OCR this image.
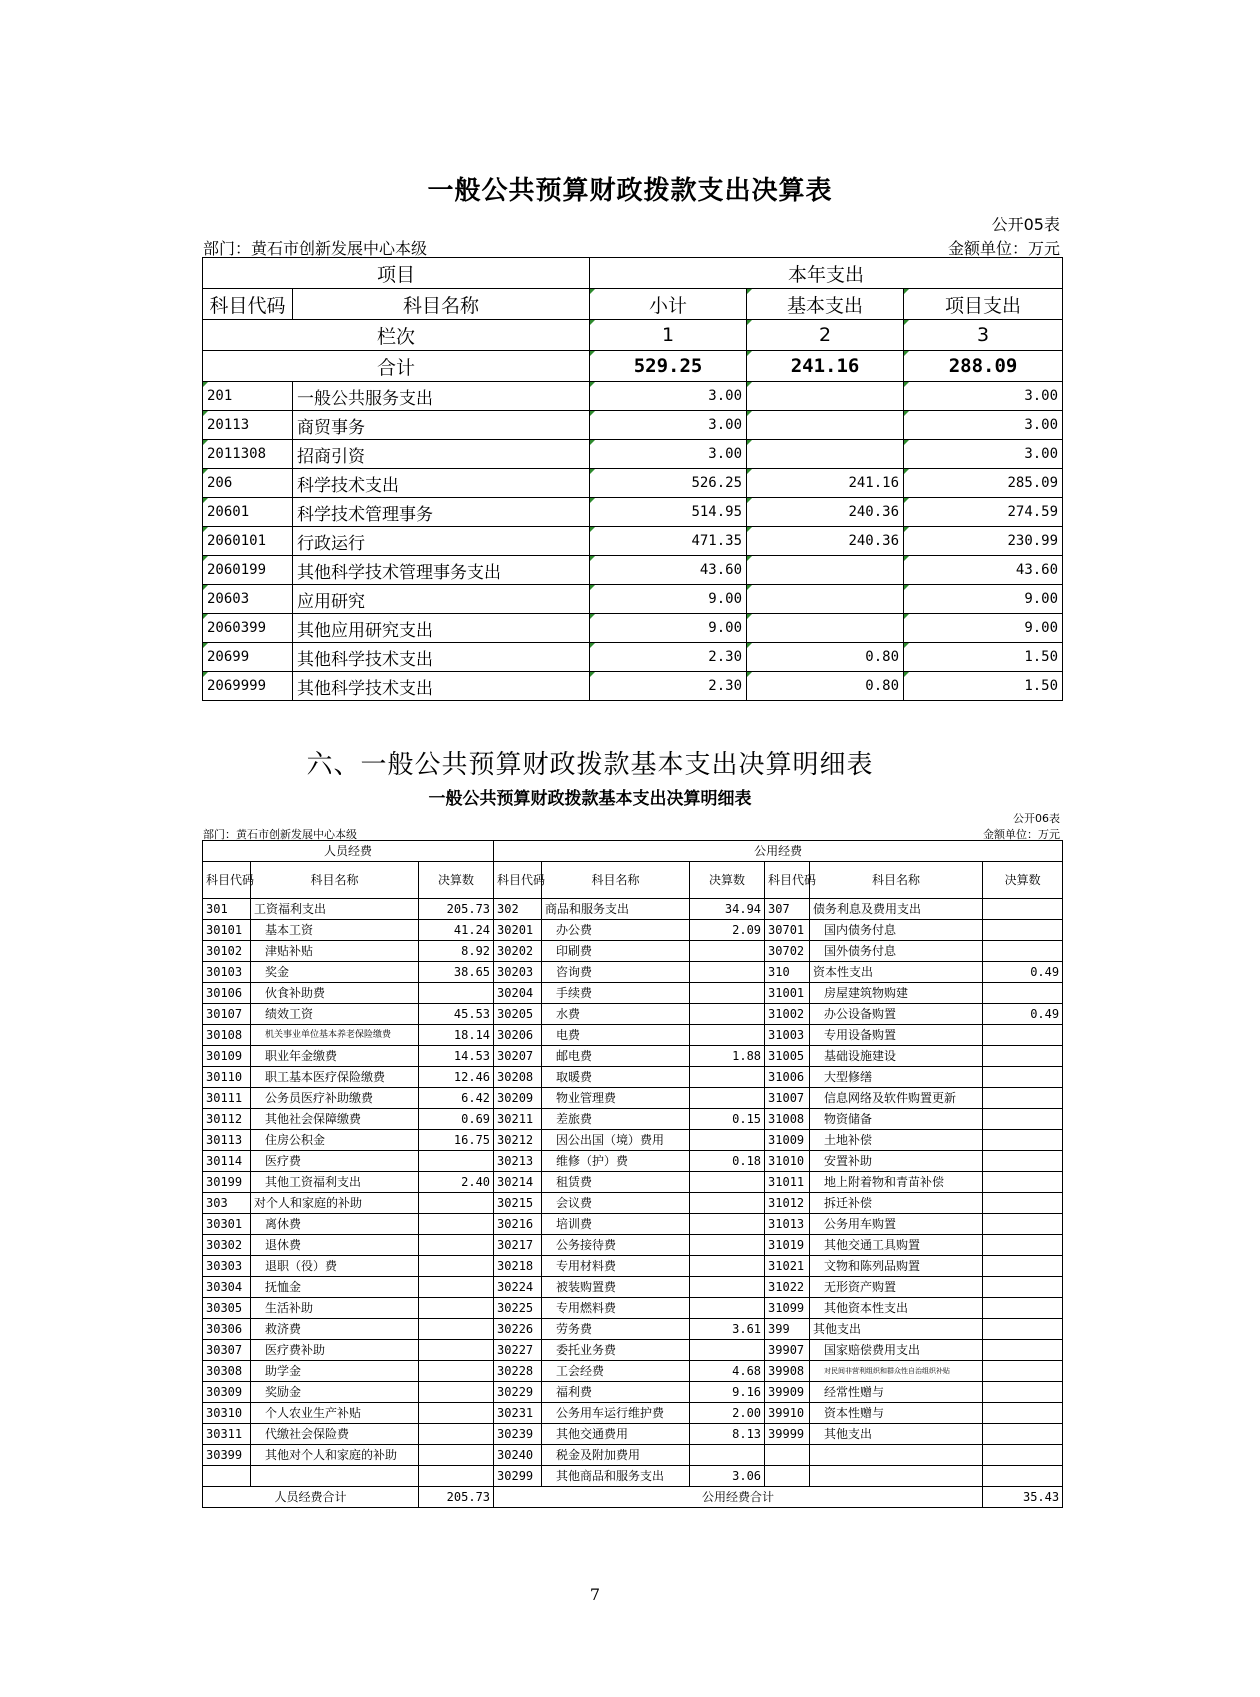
一般公共预算财政拨款支出决算表
公开05表
部门：黄石市创新发展中心本级	金额单位：万元
项目		本年支出		
科目代码	科目名称	小计	基本支出	项目支出
栏次		1	2	3
合计		529.25	241.16	288.09
201	一般公共服务支出	3.00		3.00
20113	商贸事务	3.00		3.00
2011308	招商引资	3.00		3.00
206	科学技术支出	526.25	241.16	285.09
20601	科学技术管理事务	514.95	240.36	274.59
2060101	行政运行	471.35	240.36	230.99
2060199	其他科学技术管理事务支出	43.60		43.60
20603	应用研究	9.00		9.00
2060399	其他应用研究支出	9.00		9.00
20699	其他科学技术支出	2.30	0.80	1.50
2069999	其他科学技术支出	2.30	0.80	1.50
六、一般公共预算财政拨款基本支出决算明细表
一般公共预算财政拨款基本支出决算明细表
公开06表
部门：黄石市创新发展中心本级	金额单位：万元
人员经费			公用经费					
科目代码	科目名称	决算数	科目代码	科目名称	决算数	科目代码	科目名称	决算数
301	工资福利支出	205.73	302	商品和服务支出	34.94	307	债务利息及费用支出	
30101	基本工资	41.24	30201	办公费	2.09	30701	国内债务付息	
30102	津贴补贴	8.92	30202	印刷费		30702	国外债务付息	
30103	奖金	38.65	30203	咨询费		310	资本性支出	0.49
30106	伙食补助费		30204	手续费		31001	房屋建筑物购建	
30107	绩效工资	45.53	30205	水费		31002	办公设备购置	0.49
30108	机关事业单位基本养老保险缴费	18.14	30206	电费		31003	专用设备购置	
30109	职业年金缴费	14.53	30207	邮电费	1.88	31005	基础设施建设	
30110	职工基本医疗保险缴费	12.46	30208	取暖费		31006	大型修缮	
30111	公务员医疗补助缴费	6.42	30209	物业管理费		31007	信息网络及软件购置更新	
30112	其他社会保障缴费	0.69	30211	差旅费	0.15	31008	物资储备	
30113	住房公积金	16.75	30212	因公出国（境）费用		31009	土地补偿	
30114	医疗费		30213	维修（护）费	0.18	31010	安置补助	
30199	其他工资福利支出	2.40	30214	租赁费		31011	地上附着物和青苗补偿	
303	对个人和家庭的补助		30215	会议费		31012	拆迁补偿	
30301	离休费		30216	培训费		31013	公务用车购置	
30302	退休费		30217	公务接待费		31019	其他交通工具购置	
30303	退职（役）费		30218	专用材料费		31021	文物和陈列品购置	
30304	抚恤金		30224	被装购置费		31022	无形资产购置	
30305	生活补助		30225	专用燃料费		31099	其他资本性支出	
30306	救济费		30226	劳务费	3.61	399	其他支出	
30307	医疗费补助		30227	委托业务费		39907	国家赔偿费用支出	
30308	助学金		30228	工会经费	4.68	39908	对民间非营利组织和群众性自治组织补贴	
30309	奖励金		30229	福利费	9.16	39909	经常性赠与	
30310	个人农业生产补贴		30231	公务用车运行维护费	2.00	39910	资本性赠与	
30311	代缴社会保险费		30239	其他交通费用	8.13	39999	其他支出	
30399	其他对个人和家庭的补助		30240	税金及附加费用				
			30299	其他商品和服务支出	3.06			
人员经费合计		205.73	公用经费合计					35.43
7
